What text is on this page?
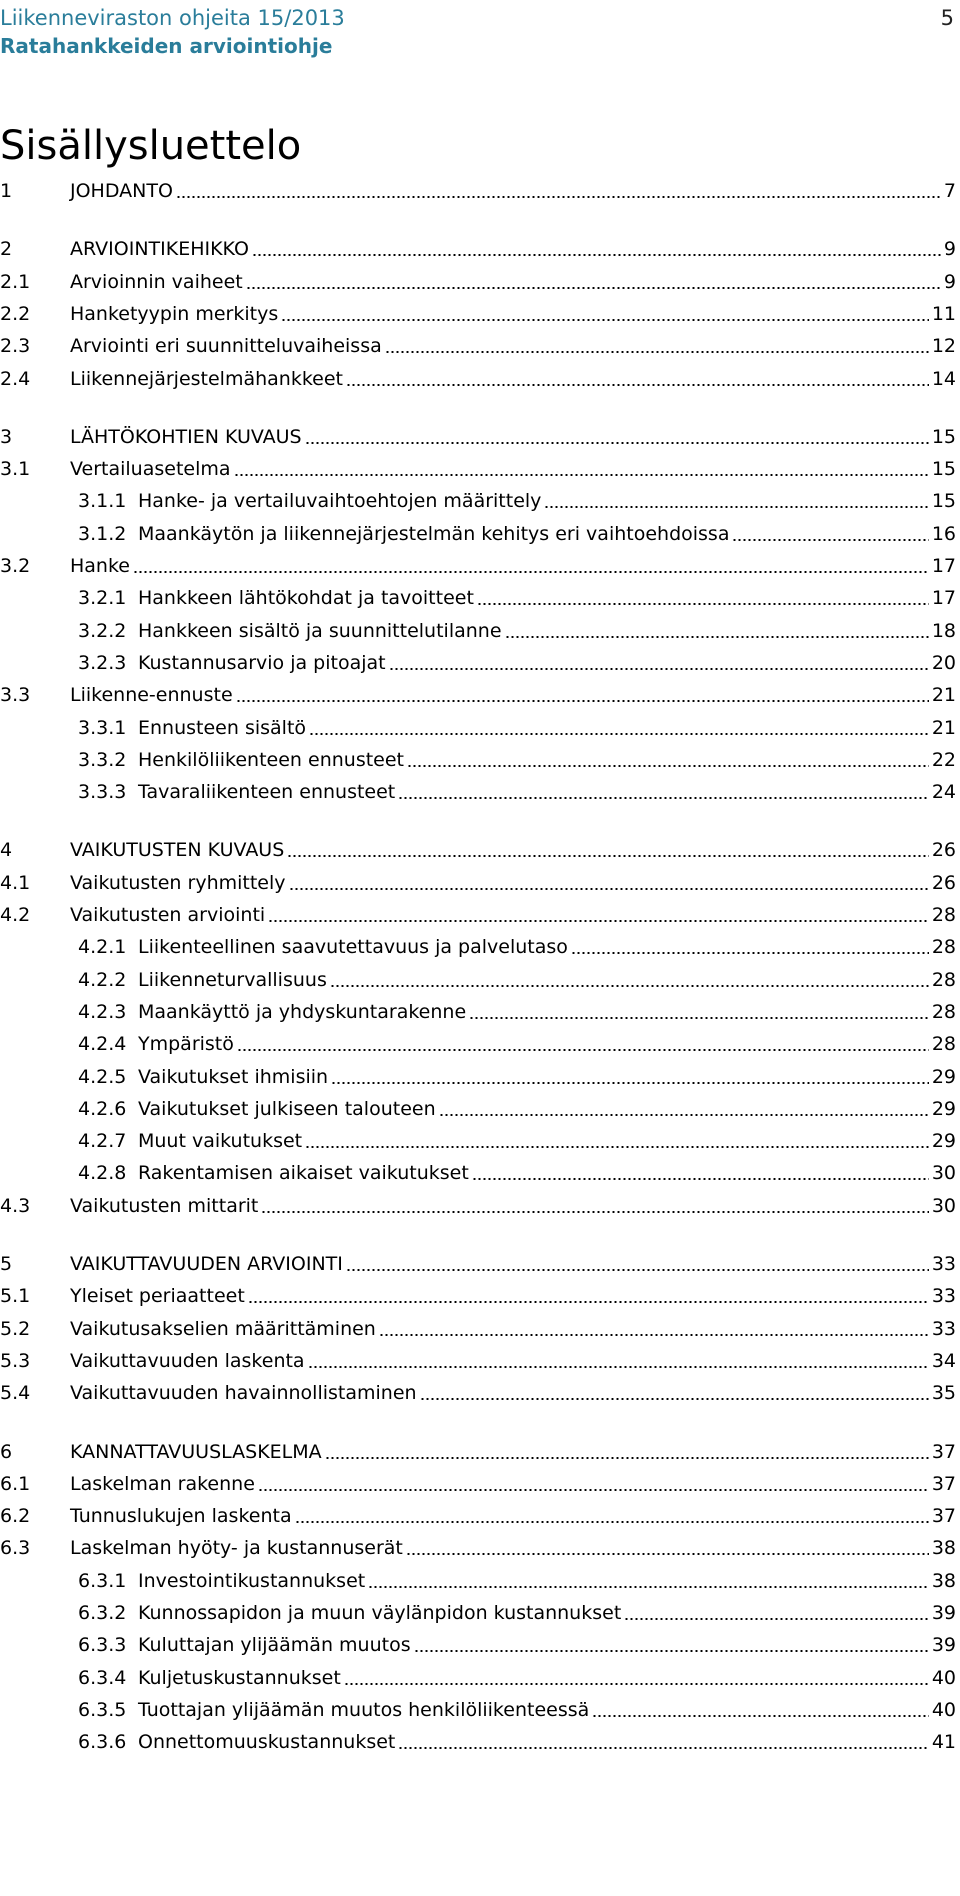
Liikenneviraston ohjeita 15/2013
Ratahankkeiden arviointiohje
5
Sisällysluettelo
1	JOHDANTO	7
2	ARVIOINTIKEHIKKO	9
2.1	Arvioinnin vaiheet	9
2.2	Hanketyypin merkitys	11
2.3	Arviointi eri suunnitteluvaiheissa	12
2.4	Liikennejärjestelmähankkeet	14
3	LÄHTÖKOHTIEN KUVAUS	15
3.1	Vertailuasetelma	15
3.1.1 Hanke- ja vertailuvaihtoehtojen määrittely	15
3.1.2 Maankäytön ja liikennejärjestelmän kehitys eri vaihtoehdoissa	16
3.2	Hanke	17
3.2.1 Hankkeen lähtökohdat ja tavoitteet	17
3.2.2 Hankkeen sisältö ja suunnittelutilanne	18
3.2.3 Kustannusarvio ja pitoajat	20
3.3	Liikenne-ennuste	21
3.3.1 Ennusteen sisältö	21
3.3.2 Henkilöliikenteen ennusteet	22
3.3.3 Tavaraliikenteen ennusteet	24
4	VAIKUTUSTEN KUVAUS	26
4.1	Vaikutusten ryhmittely	26
4.2	Vaikutusten arviointi	28
4.2.1 Liikenteellinen saavutettavuus ja palvelutaso	28
4.2.2 Liikenneturvallisuus	28
4.2.3 Maankäyttö ja yhdyskuntarakenne	28
4.2.4 Ympäristö	28
4.2.5 Vaikutukset ihmisiin	29
4.2.6 Vaikutukset julkiseen talouteen	29
4.2.7 Muut vaikutukset	29
4.2.8 Rakentamisen aikaiset vaikutukset	30
4.3	Vaikutusten mittarit	30
5	VAIKUTTAVUUDEN ARVIOINTI	33
5.1	Yleiset periaatteet	33
5.2	Vaikutusakselien määrittäminen	33
5.3	Vaikuttavuuden laskenta	34
5.4	Vaikuttavuuden havainnollistaminen	35
6	KANNATTAVUUSLASKELMA	37
6.1	Laskelman rakenne	37
6.2	Tunnuslukujen laskenta	37
6.3	Laskelman hyöty- ja kustannuserät	38
6.3.1 Investointikustannukset	38
6.3.2 Kunnossapidon ja muun väylänpidon kustannukset	39
6.3.3 Kuluttajan ylijäämän muutos	39
6.3.4 Kuljetuskustannukset	40
6.3.5 Tuottajan ylijäämän muutos henkilöliikenteessä	40
6.3.6 Onnettomuuskustannukset	41
